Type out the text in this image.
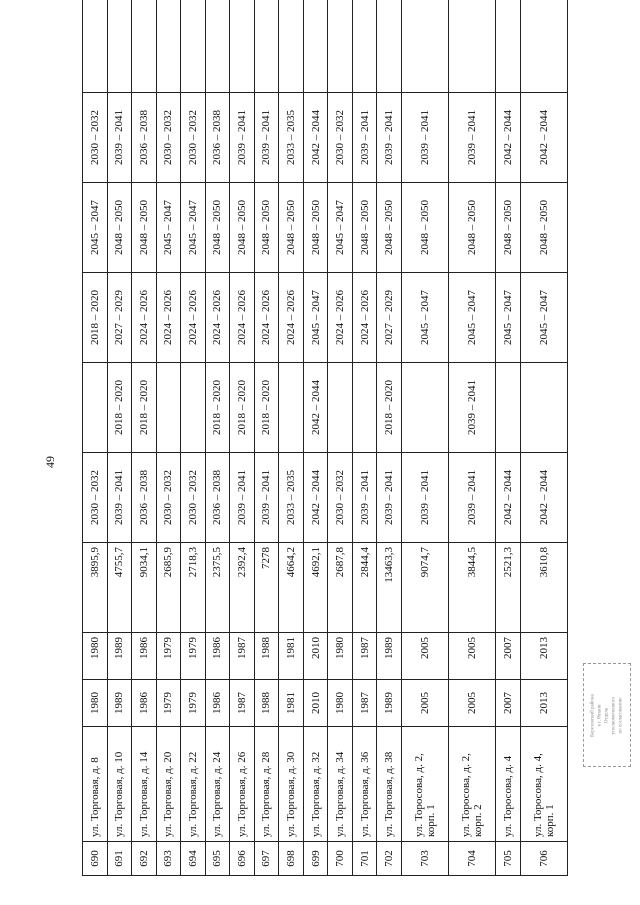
49
690	ул. Торговая, д. 8	1980	1980	3895,9	2030 – 2032		2018 – 2020	2045 – 2047	2030 – 2032	
691	ул. Торговая, д. 10	1989	1989	4755,7	2039 – 2041	2018 – 2020	2027 – 2029	2048 – 2050	2039 – 2041	
692	ул. Торговая, д. 14	1986	1986	9034,1	2036 – 2038	2018 – 2020	2024 – 2026	2048 – 2050	2036 – 2038	
693	ул. Торговая, д. 20	1979	1979	2685,9	2030 – 2032		2024 – 2026	2045 – 2047	2030 – 2032	
694	ул. Торговая, д. 22	1979	1979	2718,3	2030 – 2032		2024 – 2026	2045 – 2047	2030 – 2032	
695	ул. Торговая, д. 24	1986	1986	2375,5	2036 – 2038	2018 – 2020	2024 – 2026	2048 – 2050	2036 – 2038	
696	ул. Торговая, д. 26	1987	1987	2392,4	2039 – 2041	2018 – 2020	2024 – 2026	2048 – 2050	2039 – 2041	
697	ул. Торговая, д. 28	1988	1988	7278	2039 – 2041	2018 – 2020	2024 – 2026	2048 – 2050	2039 – 2041	
698	ул. Торговая, д. 30	1981	1981	4664,2	2033 – 2035		2024 – 2026	2048 – 2050	2033 – 2035	
699	ул. Торговая, д. 32	2010	2010	4692,1	2042 – 2044	2042 – 2044	2045 – 2047	2048 – 2050	2042 – 2044	
700	ул. Торговая, д. 34	1980	1980	2687,8	2030 – 2032		2024 – 2026	2045 – 2047	2030 – 2032	
701	ул. Торговая, д. 36	1987	1987	2844,4	2039 – 2041		2024 – 2026	2048 – 2050	2039 – 2041	
702	ул. Торговая, д. 38	1989	1989	13463,3	2039 – 2041	2018 – 2020	2027 – 2029	2048 – 2050	2039 – 2041	
703	ул. Торосова, д. 2, корп. 1	2005	2005	9074,7	2039 – 2041		2045 – 2047	2048 – 2050	2039 – 2041	
704	ул. Торосова, д. 2, корп. 2	2005	2005	3844,5	2039 – 2041	2039 – 2041	2045 – 2047	2048 – 2050	2039 – 2041	
705	ул. Торосова, д. 4	2007	2007	2521,3	2042 – 2044		2045 – 2047	2048 – 2050	2042 – 2044	
706	ул. Торосова, д. 4, корп. 1	2013	2013	3610,8	2042 – 2044		2045 – 2047	2048 – 2050	2042 – 2044	
Березовский района в г. Рязани Отдела уполномоченного по согласованию
